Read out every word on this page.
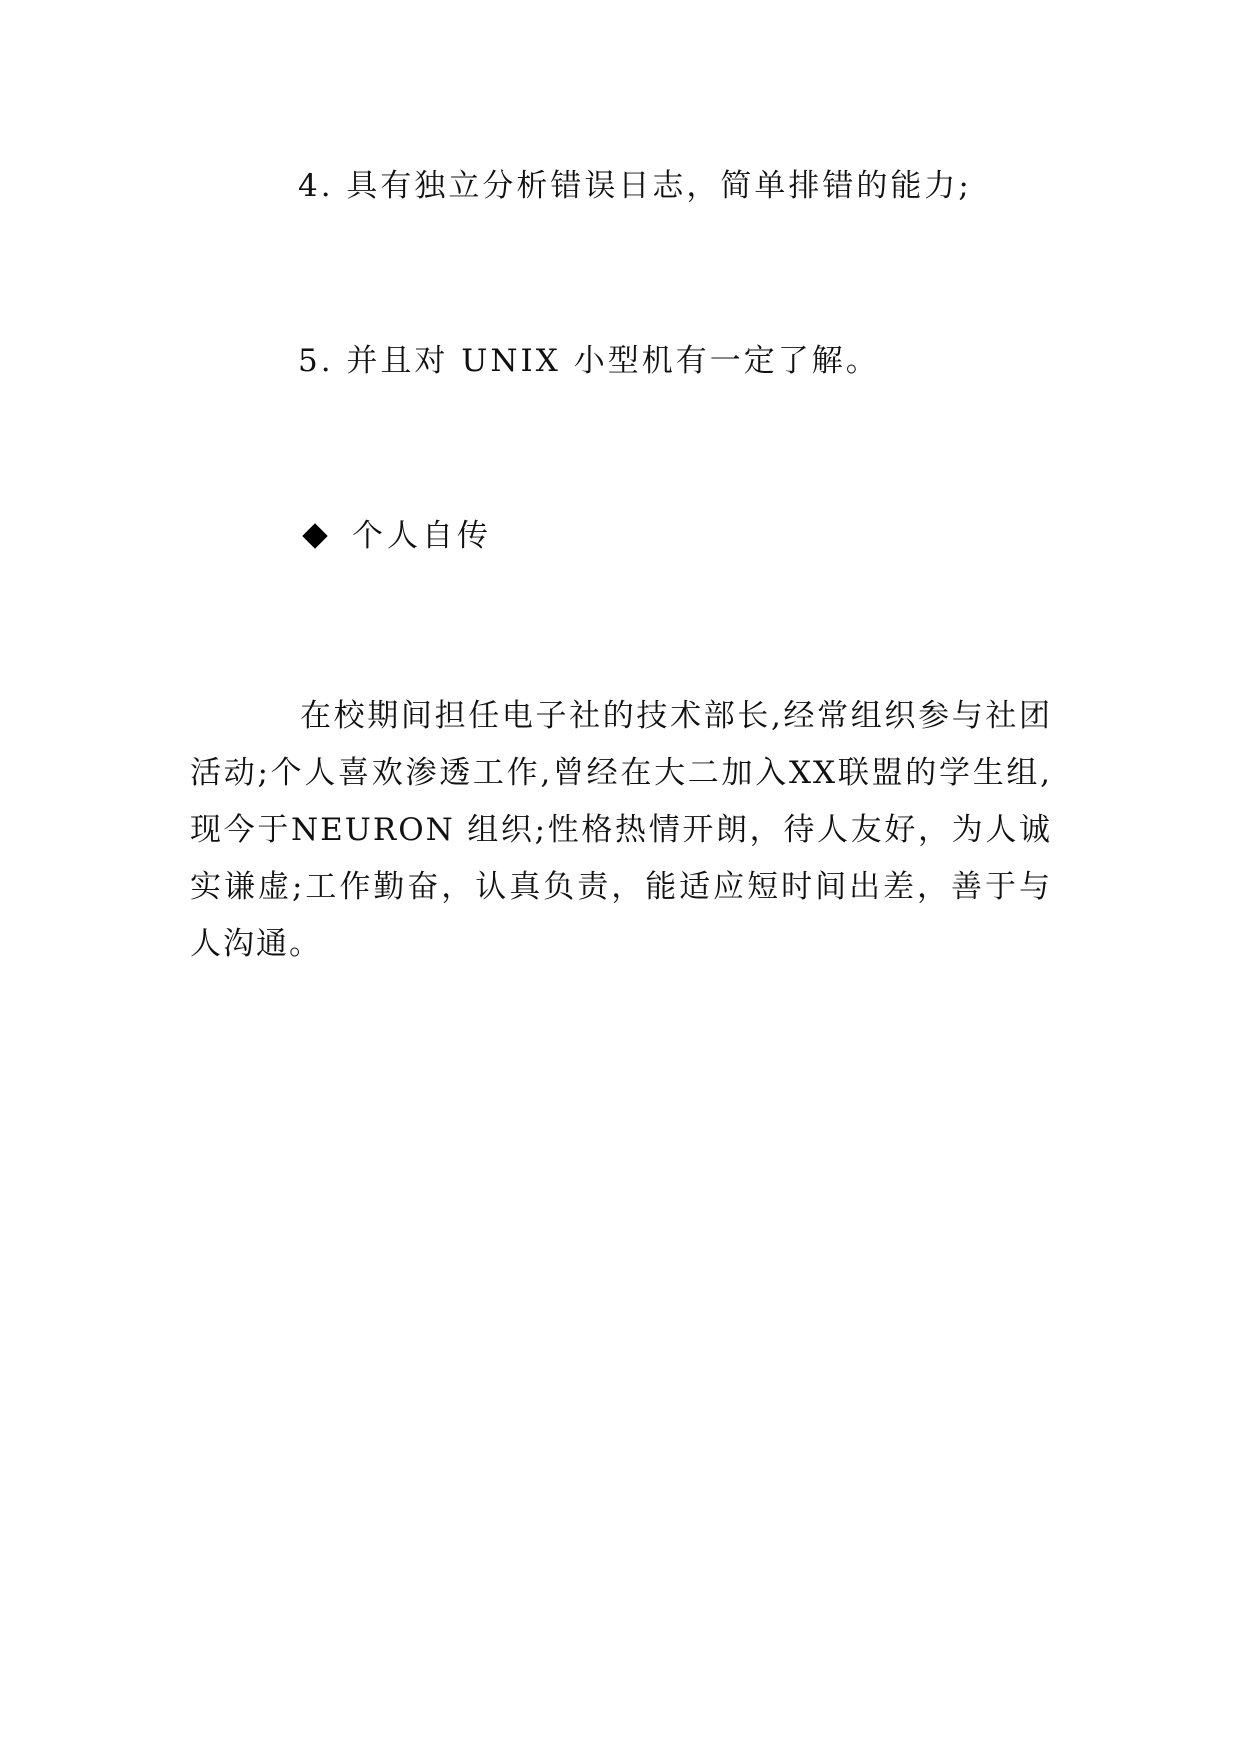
4. 具有独立分析错误日志，简单排错的能力;
5. 并且对 UNIX 小型机有一定了解。
个人自传

在校期间担任电子社的技术部长,经常组织参与社团活动;个人喜欢渗透工作,曾经在大二加入XX联盟的学生组,现今于NEURON 组织;性格热情开朗，待人友好，为人诚实谦虚;工作勤奋，认真负责，能适应短时间出差，善于与人沟通。
